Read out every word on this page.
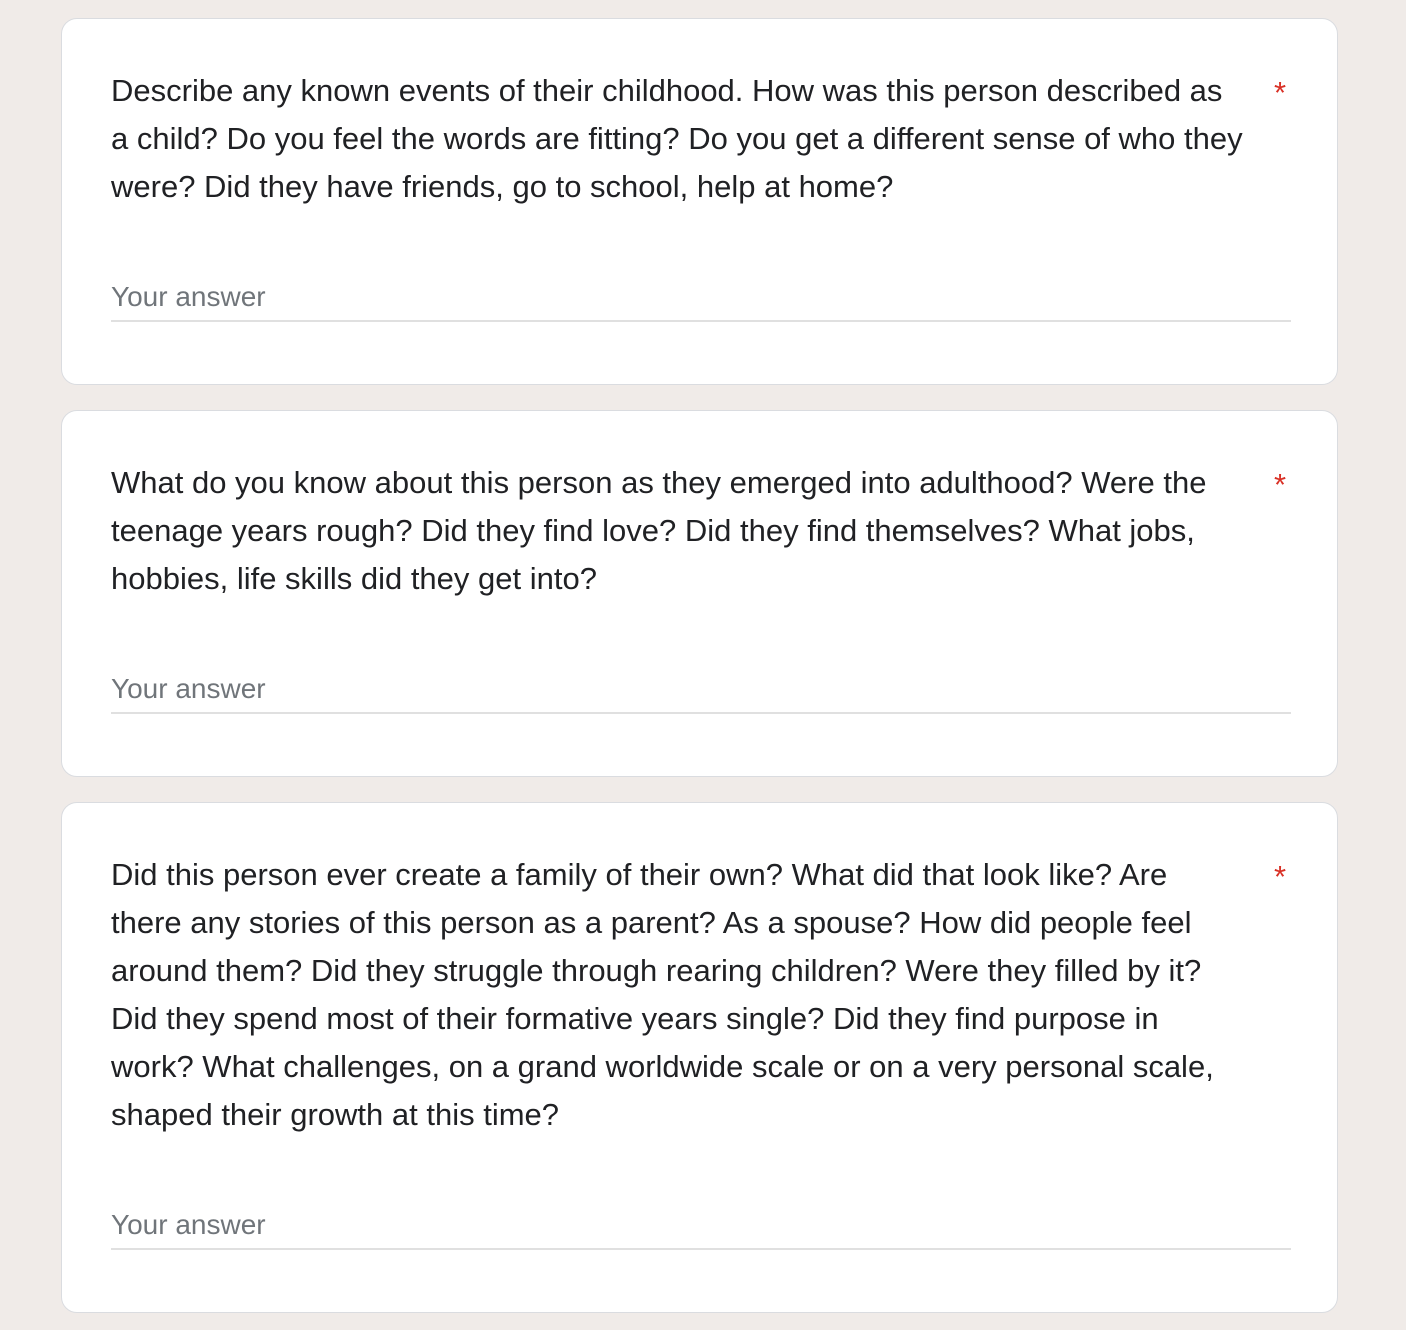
Describe any known events of their childhood. How was this person described as a child? Do you feel the words are fitting? Do you get a different sense of who they were? Did they have friends, go to school, help at home?

*
Your answer

What do you know about this person as they emerged into adulthood? Were the teenage years rough? Did they find love? Did they find themselves? What jobs, hobbies, life skills did they get into?

*
Your answer

Did this person ever create a family of their own? What did that look like? Are there any stories of this person as a parent? As a spouse? How did people feel around them? Did they struggle through rearing children? Were they filled by it? Did they spend most of their formative years single? Did they find purpose in work? What challenges, on a grand worldwide scale or on a very personal scale, shaped their growth at this time?

*
Your answer
